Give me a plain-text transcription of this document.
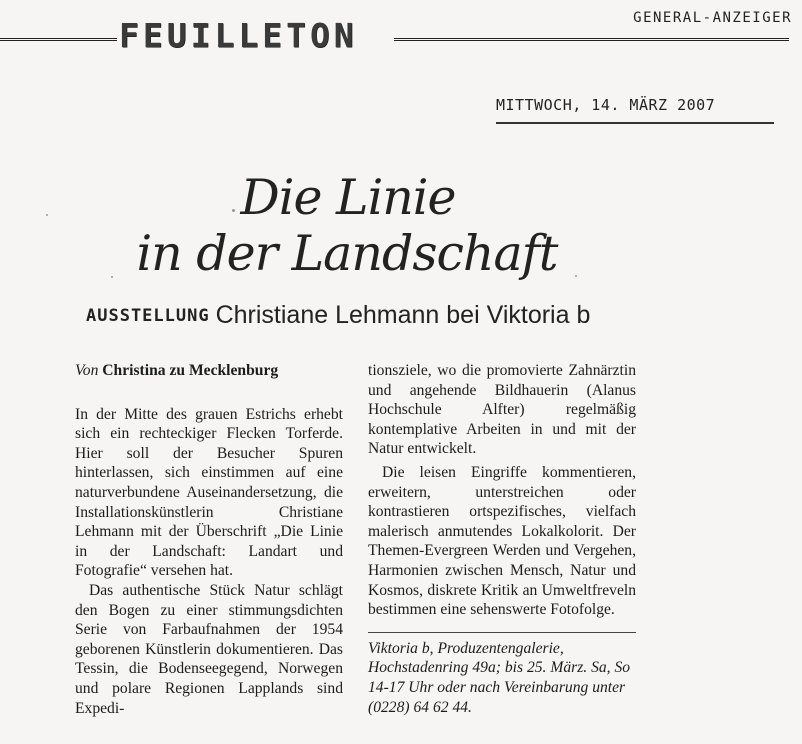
FEUILLETON	GENERAL-ANZEIGER
MITTWOCH, 14. MÄRZ 2007
Die Linie
in der Landschaft
AUSSTELLUNG Christiane Lehmann bei Viktoria b
Von Christina zu Mecklenburg

In der Mitte des grauen Estrichs erhebt sich ein rechteckiger Flecken Torferde. Hier soll der Besucher Spuren hinterlassen, sich einstimmen auf eine naturverbundene Auseinandersetzung, die Installationskünstlerin Christiane Lehmann mit der Überschrift „Die Linie in der Landschaft: Landart und Fotografie“ versehen hat.

Das authentische Stück Natur schlägt den Bogen zu einer stimmungsdichten Serie von Farbaufnahmen der 1954 geborenen Künstlerin dokumentieren. Das Tessin, die Bodenseegegend, Norwegen und polare Regionen Lapplands sind Expedi-

tionsziele, wo die promovierte Zahnärztin und angehende Bildhauerin (Alanus Hochschule Alfter) regelmäßig kontemplative Arbeiten in und mit der Natur entwickelt.

Die leisen Eingriffe kommentieren, erweitern, unterstreichen oder kontrastieren ortspezifisches, vielfach malerisch anmutendes Lokalkolorit. Der Themen-Evergreen Werden und Vergehen, Harmonien zwischen Mensch, Natur und Kosmos, diskrete Kritik an Umweltfreveln bestimmen eine sehenswerte Fotofolge.

Viktoria b, Produzentengalerie, Hochstadenring 49a; bis 25. März. Sa, So 14-17 Uhr oder nach Vereinbarung unter (0228) 64 62 44.
